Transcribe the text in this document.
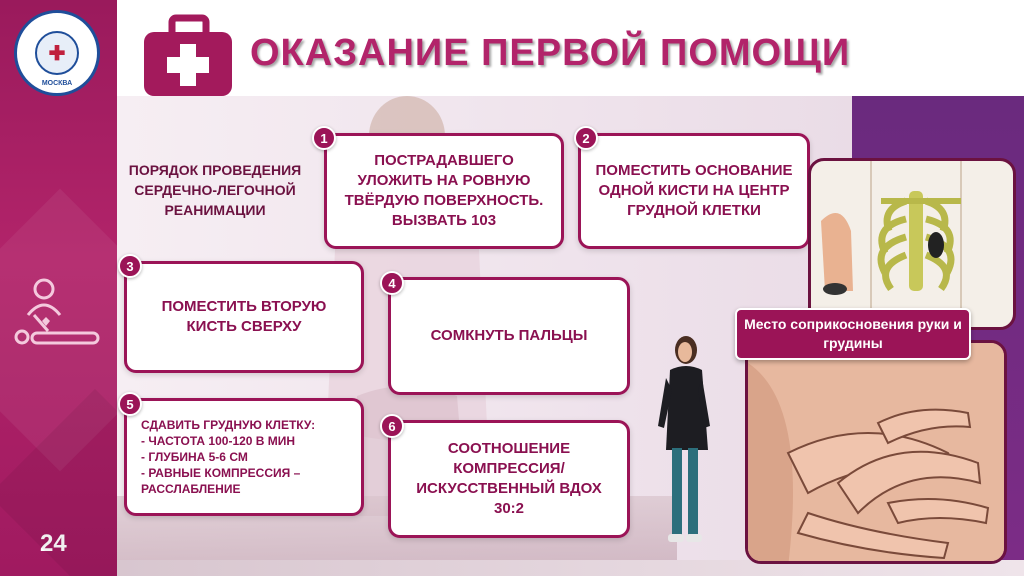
✚
МОСКВА
24
ОКАЗАНИЕ ПЕРВОЙ ПОМОЩИ
ПОРЯДОК ПРОВЕДЕНИЯ СЕРДЕЧНО-ЛЕГОЧНОЙ РЕАНИМАЦИИ
ПОСТРАДАВШЕГО УЛОЖИТЬ НА РОВНУЮ ТВЁРДУЮ ПОВЕРХНОСТЬ. ВЫЗВАТЬ 103
1
ПОМЕСТИТЬ ОСНОВАНИЕ ОДНОЙ КИСТИ НА ЦЕНТР ГРУДНОЙ КЛЕТКИ
2
ПОМЕСТИТЬ ВТОРУЮ КИСТЬ СВЕРХУ
3
СОМКНУТЬ ПАЛЬЦЫ
4
СДАВИТЬ ГРУДНУЮ КЛЕТКУ:
- ЧАСТОТА 100-120 В МИН
- ГЛУБИНА 5-6 СМ
- РАВНЫЕ КОМПРЕССИЯ – РАССЛАБЛЕНИЕ
5
СООТНОШЕНИЕ КОМПРЕССИЯ/ ИСКУССТВЕННЫЙ ВДОХ 30:2
6
Место соприкосновения руки и грудины
